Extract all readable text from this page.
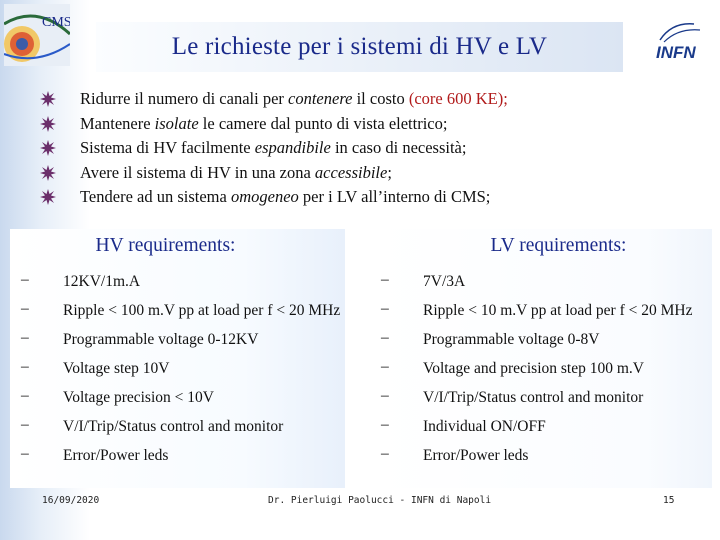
CMS
Le richieste per i sistemi di HV e LV	INFN
Ridurre il numero di canali per contenere il costo (core 600 KE);
Mantenere isolate le camere dal punto di vista elettrico;
Sistema di HV facilmente espandibile in caso di necessità;
Avere il sistema di HV in una zona accessibile;
Tendere ad un sistema omogeneo per i LV all’interno di CMS;
HV requirements:
–	12KV/1m.A
–	Ripple < 100 m.V pp at load per f < 20 MHz
–	Programmable voltage 0-12KV
–	Voltage step 10V
–	Voltage precision < 10V
–	V/I/Trip/Status control and monitor
–	Error/Power leds
LV requirements:
–	7V/3A
–	Ripple < 10 m.V pp at load per f < 20 MHz
–	Programmable voltage 0-8V
–	Voltage and precision step 100 m.V
–	V/I/Trip/Status control and monitor
–	Individual ON/OFF
–	Error/Power leds
16/09/2020	Dr. Pierluigi Paolucci - INFN di Napoli	15
